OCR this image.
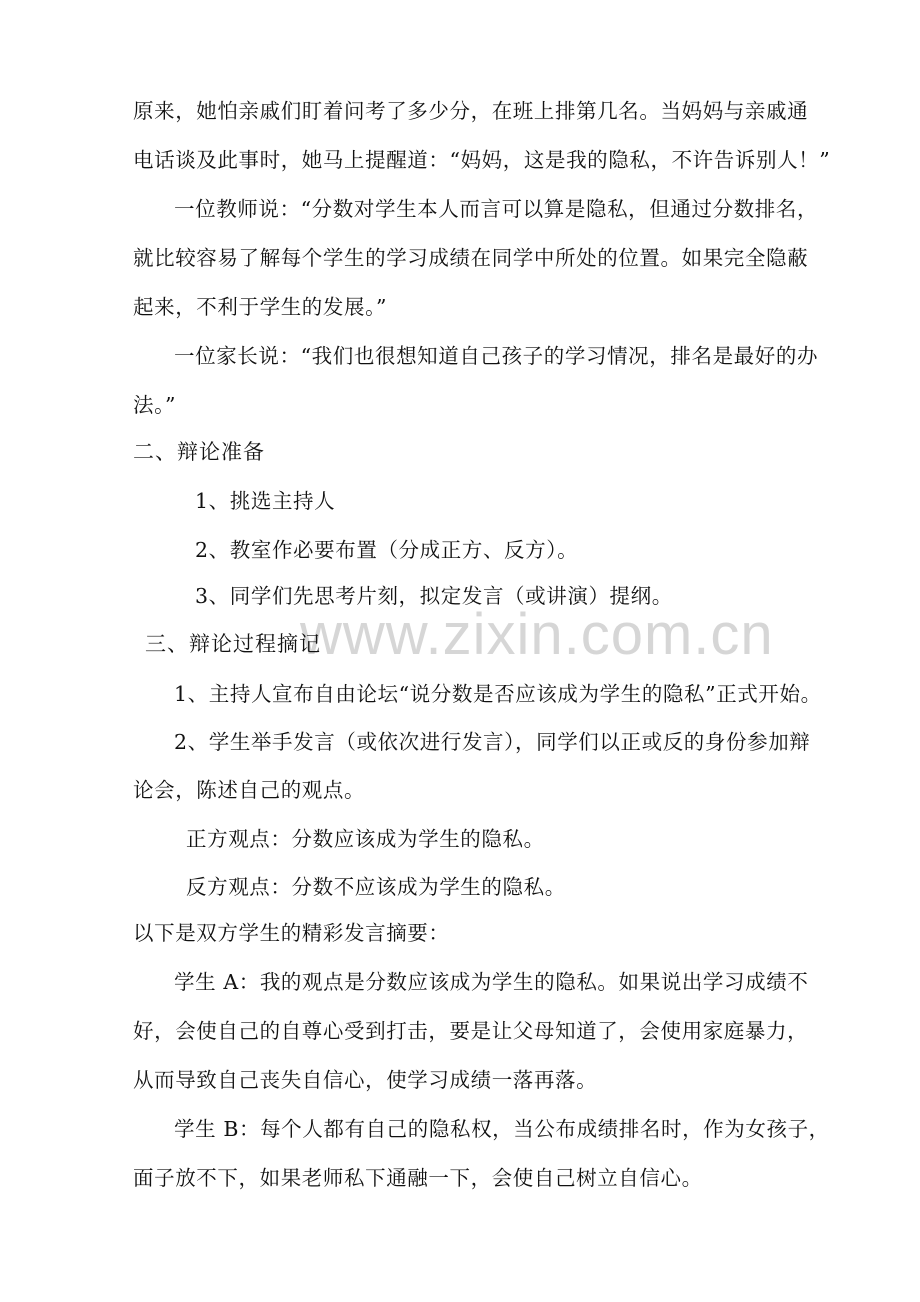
www.zixin.com.cn
原来，她怕亲戚们盯着问考了多少分，在班上排第几名。当妈妈与亲戚通
电话谈及此事时，她马上提醒道：“妈妈，这是我的隐私，不许告诉别人！”
一位教师说：“分数对学生本人而言可以算是隐私，但通过分数排名，
就比较容易了解每个学生的学习成绩在同学中所处的位置。如果完全隐蔽
起来，不利于学生的发展。”
一位家长说：“我们也很想知道自己孩子的学习情况，排名是最好的办
法。”
二、辩论准备
1、挑选主持人
2、教室作必要布置（分成正方、反方）。
3、同学们先思考片刻，拟定发言（或讲演）提纲。
三、辩论过程摘记
1、主持人宣布自由论坛“说分数是否应该成为学生的隐私”正式开始。
2、学生举手发言（或依次进行发言），同学们以正或反的身份参加辩
论会，陈述自己的观点。
正方观点：分数应该成为学生的隐私。
反方观点：分数不应该成为学生的隐私。
以下是双方学生的精彩发言摘要：
学生 A：我的观点是分数应该成为学生的隐私。如果说出学习成绩不
好，会使自己的自尊心受到打击，要是让父母知道了，会使用家庭暴力，
从而导致自己丧失自信心，使学习成绩一落再落。
学生 B：每个人都有自己的隐私权，当公布成绩排名时，作为女孩子，
面子放不下，如果老师私下通融一下，会使自己树立自信心。
